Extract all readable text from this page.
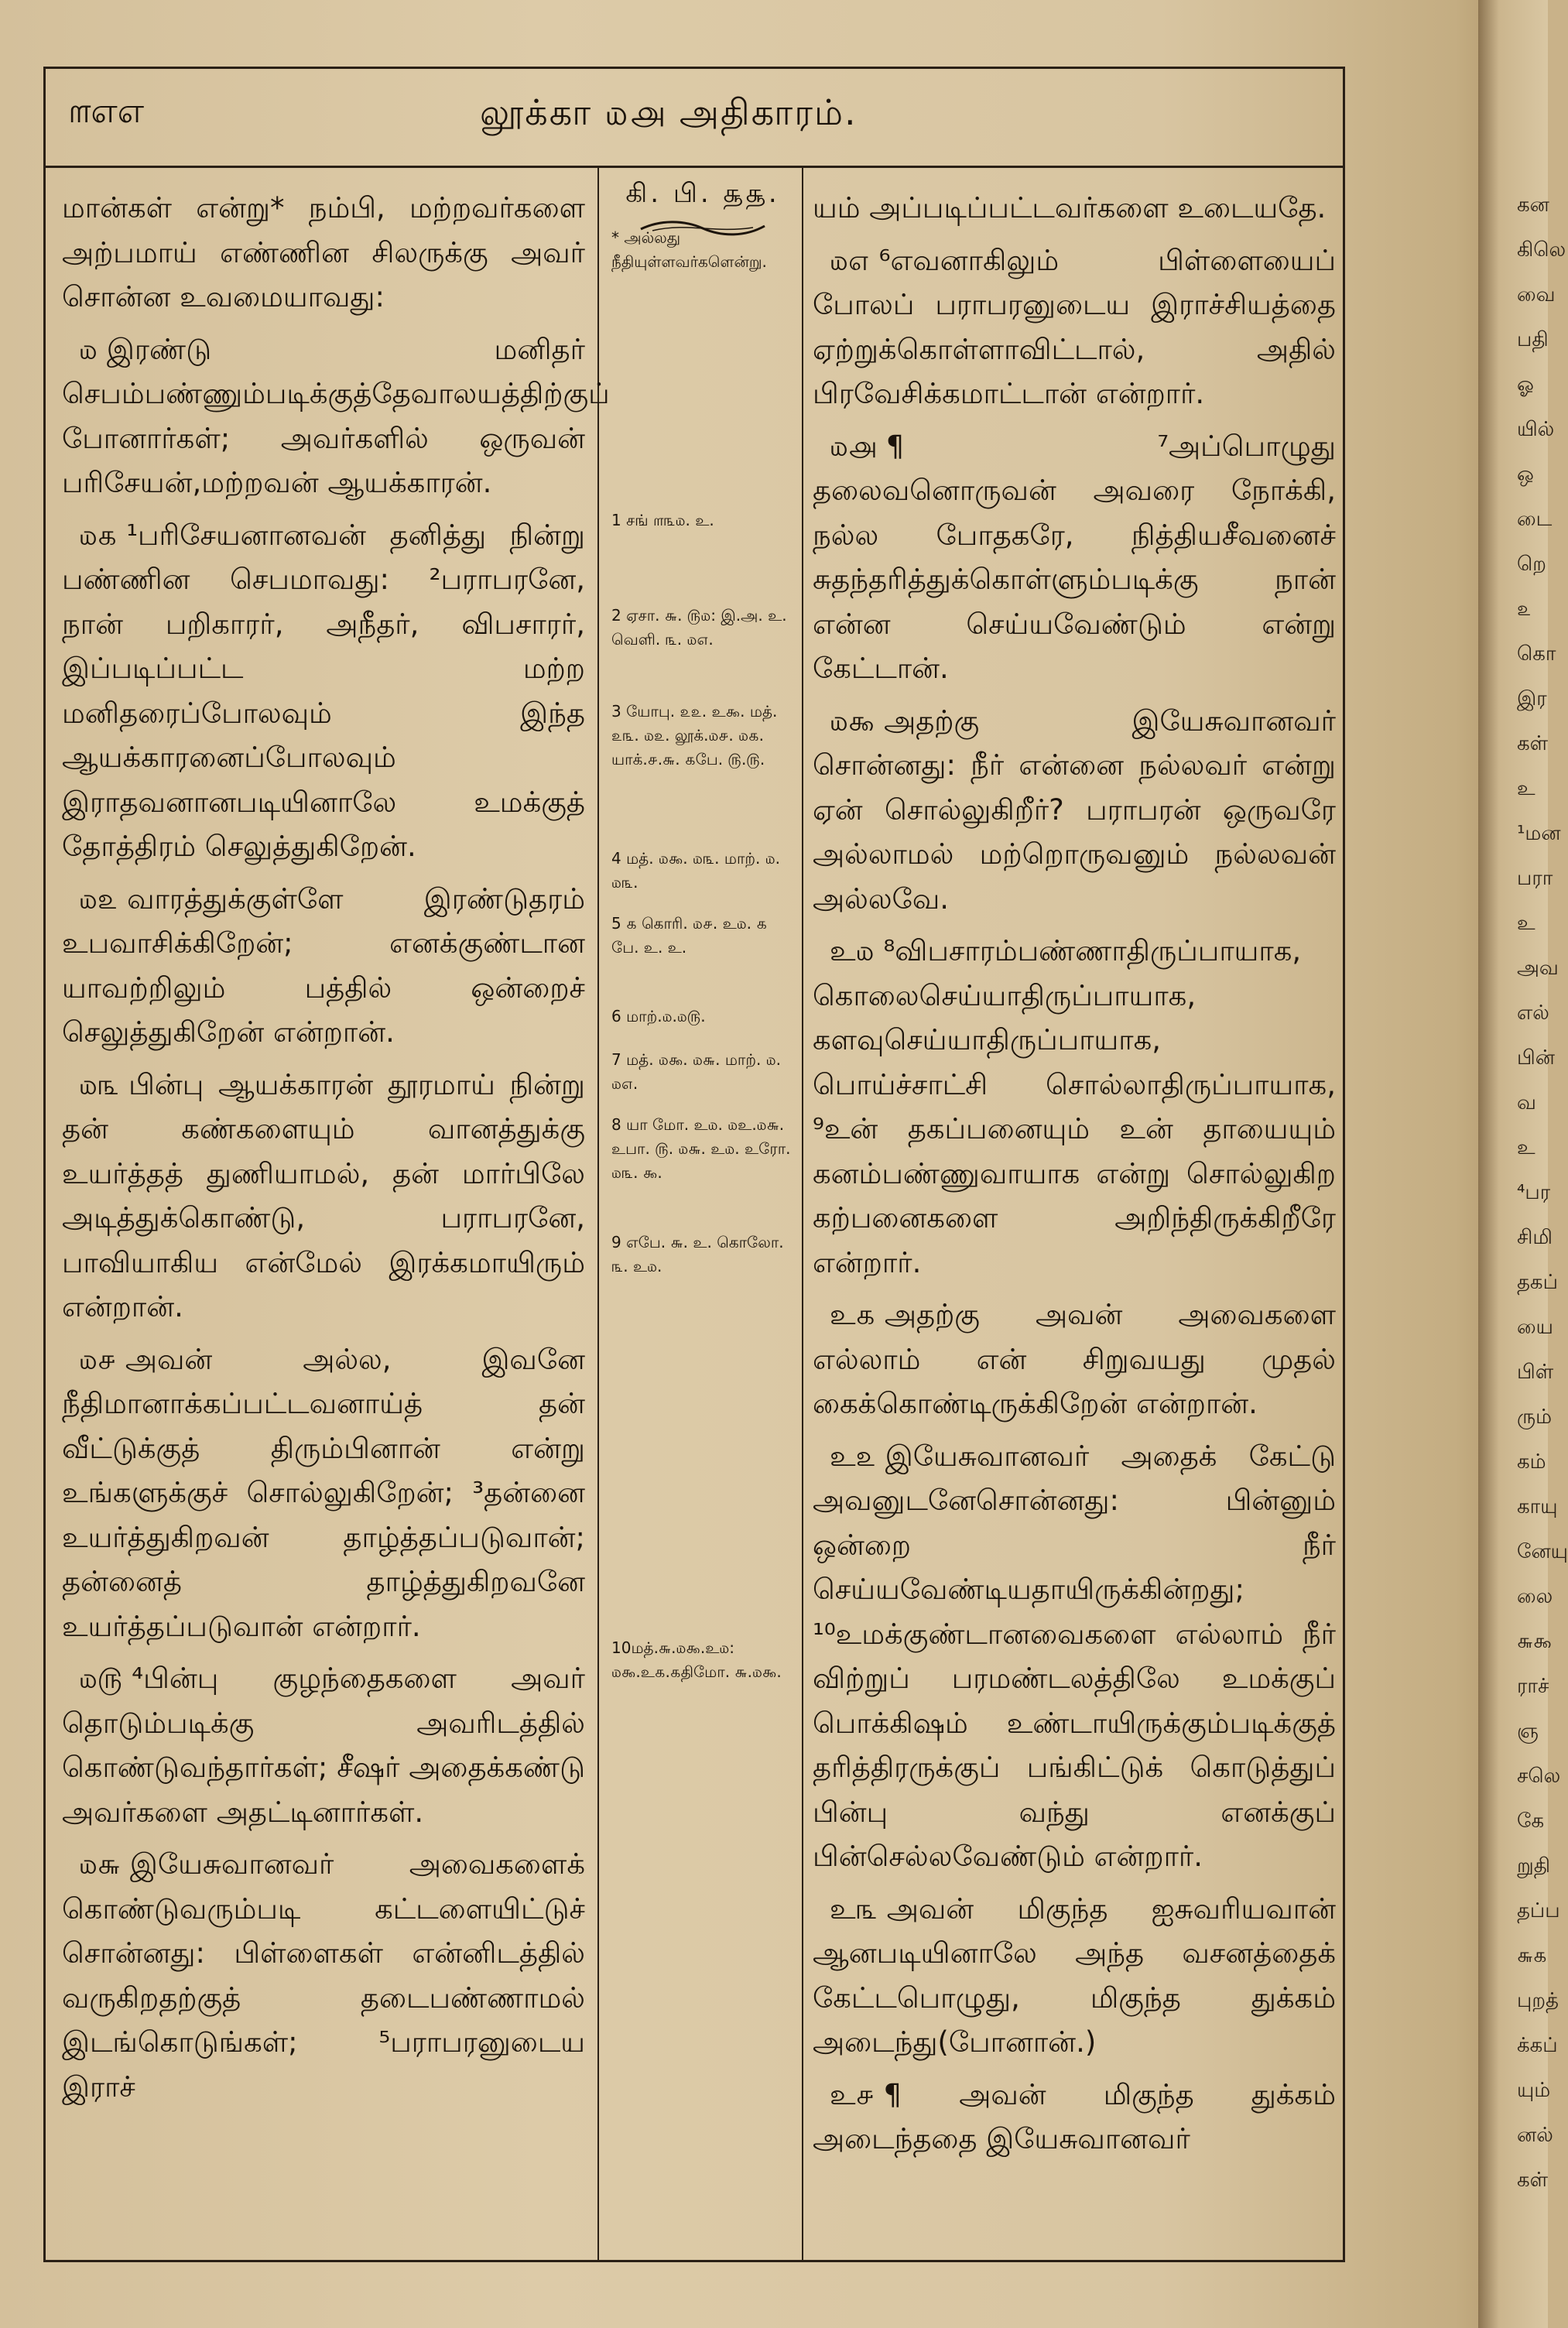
கன
கிலெ
வை
பதி
ஓ
யில்
ஒ
டை
றெ
௨
கொ
இர
கள்
உ
¹மன
பரா
உ
அவ
எல்
பின்
வ
உ
⁴பர
சிமி
தகப்
யை
பிள்
ரும்
கம்
காயு
னேயு
லை
௬௯
ராச்
ஞ
சலெ
கே
றுதி
தப்ப
௬௧
புறத்
க்கப்
யும்
னல்
கள்
௱எஎ	லூக்கா ௰௮ அதிகாரம்.

மான்கள் என்று* நம்பி, மற்றவர்களை அற்பமாய் எண்ணின சிலருக்கு அவர் சொன்ன உவமையாவது:

௰ இரண்டு மனிதர் செபம்பண்ணும்படிக்குத்தேவாலயத்திற்குப் போனார்கள்; அவர்களில் ஒருவன் பரிசேயன்,மற்றவன் ஆயக்காரன்.

௰௧ ¹பரிசேயனானவன் தனித்து நின்று பண்ணின செபமாவது: ²பராபரனே, நான் பறிகாரர், அநீதர், விபசாரர், இப்படிப்பட்ட மற்ற மனிதரைப்போலவும் இந்த ஆயக்காரனைப்போலவும் இராதவனானபடியினாலே உமக்குத் தோத்திரம் செலுத்துகிறேன்.

௰௨ வாரத்துக்குள்ளே இரண்டுதரம் உபவாசிக்கிறேன்; எனக்குண்டான யாவற்றிலும் பத்தில் ஒன்றைச் செலுத்துகிறேன் என்றான்.

௰௩ பின்பு ஆயக்காரன் தூரமாய் நின்று தன் கண்களையும் வானத்துக்கு உயர்த்தத் துணியாமல், தன் மார்பிலே அடித்துக்கொண்டு, பராபரனே, பாவியாகிய என்மேல் இரக்கமாயிரும் என்றான்.

௰௪ அவன் அல்ல, இவனே நீதிமானாக்கப்பட்டவனாய்த் தன் வீட்டுக்குத் திரும்பினான் என்று உங்களுக்குச் சொல்லுகிறேன்; ³தன்னை உயர்த்துகிறவன் தாழ்த்தப்படுவான்; தன்னைத் தாழ்த்துகிறவனே உயர்த்தப்படுவான் என்றார்.

௰௫ ⁴பின்பு குழந்தைகளை அவர் தொடும்படிக்கு அவரிடத்தில் கொண்டுவந்தார்கள்; சீஷர் அதைக்கண்டு அவர்களை அதட்டினார்கள்.

௰௬ இயேசுவானவர் அவைகளைக் கொண்டுவரும்படி கட்டளையிட்டுச் சொன்னது: பிள்ளைகள் என்னிடத்தில் வருகிறதற்குத் தடைபண்ணாமல் இடங்கொடுங்கள்; ⁵பராபரனுடைய இராச்

கி. பி. ௲௲.
* அல்லது நீதியுள்ளவர்களென்று.
1 சங் ௱௩௰. உ.
2 ஏசா. ௬. ௫௰: இ.அ. உ. வெளி. ௩. ௰௭.
3 யோபு. ௨௨. உ௯. மத். ௨௩. ௰௨. லூக்.௰௪. ௰௧. யாக்.௪.௬. ௧பே. ௫.௫.
4 மத். ௰௯. ௰௩. மாற். ௰. ௰௩.
5 ௧ கொரி. ௰௪. உ௰. ௧ பே. உ. உ.
6 மாற்.௰.௰௫.
7 மத். ௰௯. ௰௬. மாற். ௰. ௰௭.
8 யா மோ. உ௰. ௰உ.௰௬. உபா. ௫. ௰௬. உ௰. உரோ. ௰௩. ௯.
9 எபே. ௬. உ. கொலோ. ௩. உ௰.
10மத்.௬.௰௯.உ௰: ௰௯.உ௧.௧திமோ. ௬.௰௯.

யம் அப்படிப்பட்டவர்களை உடையதே.

௰௭ ⁶எவனாகிலும் பிள்ளையைப் போலப் பராபரனுடைய இராச்சியத்தை ஏற்றுக்கொள்ளாவிட்டால், அதில் பிரவேசிக்கமாட்டான் என்றார்.

௰௮ ¶ ⁷அப்பொழுது தலைவனொருவன் அவரை நோக்கி, நல்ல போதகரே, நித்தியசீவனைச் சுதந்தரித்துக்கொள்ளும்படிக்கு நான் என்ன செய்யவேண்டும் என்று கேட்டான்.

௰௯ அதற்கு இயேசுவானவர் சொன்னது: நீர் என்னை நல்லவர் என்று ஏன் சொல்லுகிறீர்? பராபரன் ஒருவரே அல்லாமல் மற்றொருவனும் நல்லவன் அல்லவே.

உ௰ ⁸விபசாரம்பண்ணாதிருப்பாயாக, கொலைசெய்யாதிருப்பாயாக, களவுசெய்யாதிருப்பாயாக, பொய்ச்சாட்சி சொல்லாதிருப்பாயாக, ⁹உன் தகப்பனையும் உன் தாயையும் கனம்பண்ணுவாயாக என்று சொல்லுகிற கற்பனைகளை அறிந்திருக்கிறீரே என்றார்.

உ௧ அதற்கு அவன் அவைகளை எல்லாம் என் சிறுவயது முதல் கைக்கொண்டிருக்கிறேன் என்றான்.

உ௨ இயேசுவானவர் அதைக் கேட்டு அவனுடனேசொன்னது: பின்னும் ஒன்றை நீர் செய்யவேண்டியதாயிருக்கின்றது; ¹⁰உமக்குண்டானவைகளை எல்லாம் நீர் விற்றுப் பரமண்டலத்திலே உமக்குப் பொக்கிஷம் உண்டாயிருக்கும்படிக்குத் தரித்திரருக்குப் பங்கிட்டுக் கொடுத்துப் பின்பு வந்து எனக்குப் பின்செல்லவேண்டும் என்றார்.

உ௩ அவன் மிகுந்த ஐசுவரியவான் ஆனபடியினாலே அந்த வசனத்தைக் கேட்டபொழுது, மிகுந்த துக்கம் அடைந்து(போனான்.)

உ௪ ¶ அவன் மிகுந்த துக்கம் அடைந்ததை இயேசுவானவர்
